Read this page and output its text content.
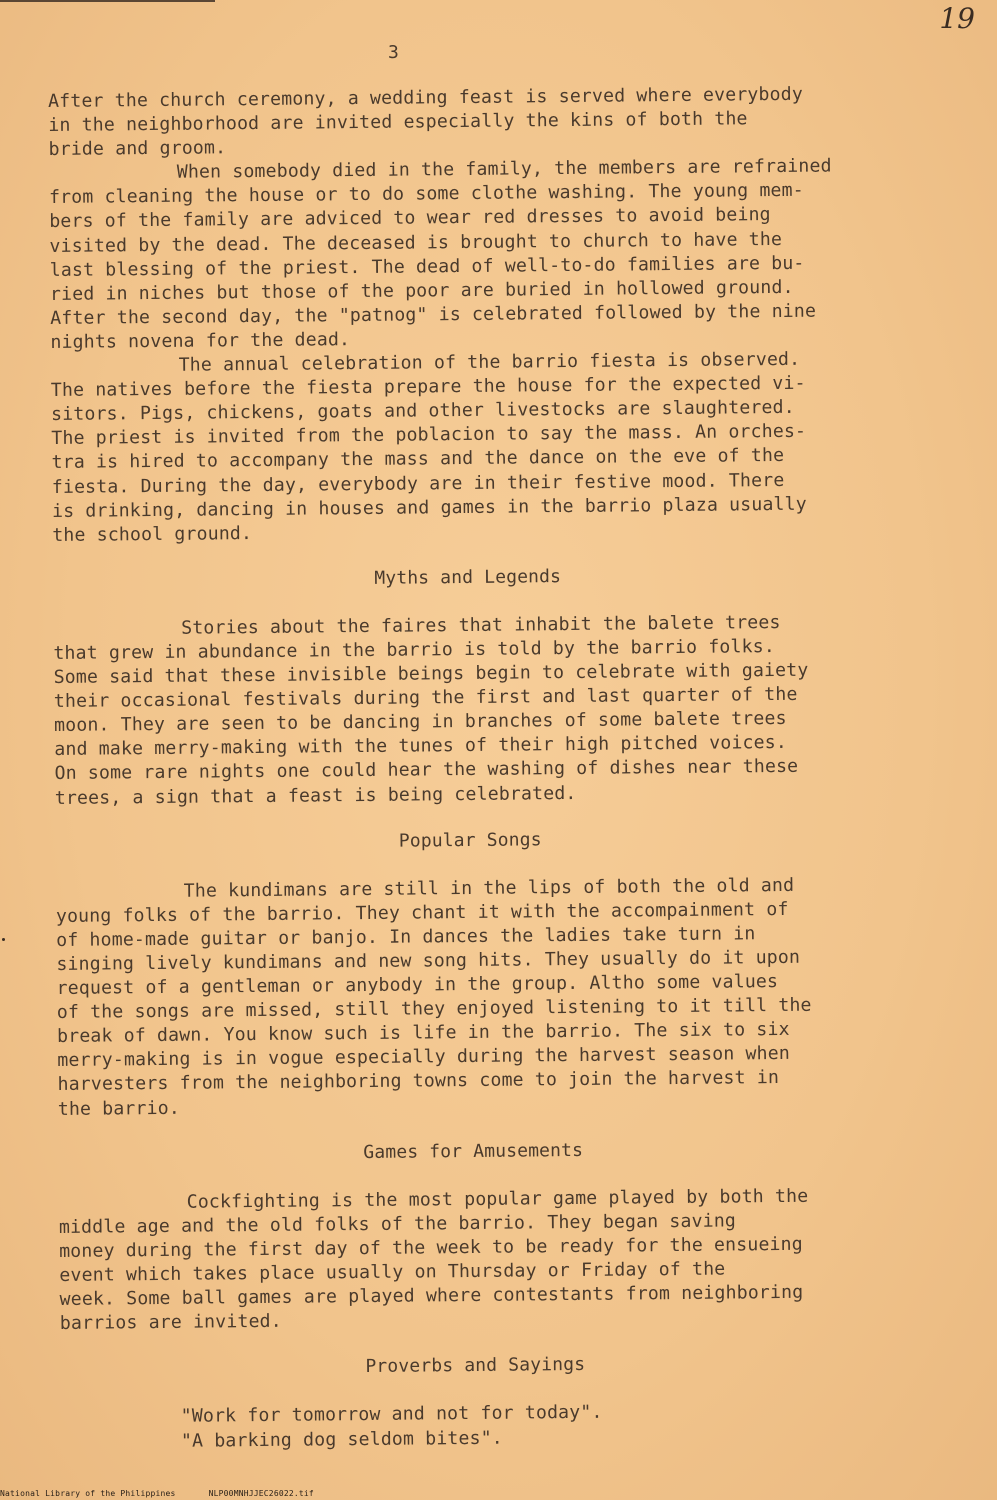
19
3

After the church ceremony, a wedding feast is served where everybody
in the neighborhood are invited especially the kins of both the
bride and groom.

When somebody died in the family, the members are refrained
from cleaning the house or to do some clothe washing. The young mem-
bers of the family are adviced to wear red dresses to avoid being
visited by the dead. The deceased is brought to church to have the
last blessing of the priest. The dead of well-to-do families are bu-
ried in niches but those of the poor are buried in hollowed ground.
After the second day, the "patnog" is celebrated followed by the nine
nights novena for the dead.

The annual celebration of the barrio fiesta is observed.
The natives before the fiesta prepare the house for the expected vi-
sitors. Pigs, chickens, goats and other livestocks are slaughtered.
The priest is invited from the poblacion to say the mass. An orches-
tra is hired to accompany the mass and the dance on the eve of the
fiesta. During the day, everybody are in their festive mood. There
is drinking, dancing in houses and games in the barrio plaza usually
the school ground.

Myths and Legends

Stories about the faires that inhabit the balete trees
that grew in abundance in the barrio is told by the barrio folks.
Some said that these invisible beings begin to celebrate with gaiety
their occasional festivals during the first and last quarter of the
moon. They are seen to be dancing in branches of some balete trees
and make merry-making with the tunes of their high pitched voices.
On some rare nights one could hear the washing of dishes near these
trees, a sign that a feast is being celebrated.

Popular Songs

The kundimans are still in the lips of both the old and
young folks of the barrio. They chant it with the accompainment of
of home-made guitar or banjo. In dances the ladies take turn in
singing lively kundimans and new song hits. They usually do it upon
request of a gentleman or anybody in the group. Altho some values
of the songs are missed, still they enjoyed listening to it till the
break of dawn. You know such is life in the barrio. The six to six
merry-making is in vogue especially during the harvest season when
harvesters from the neighboring towns come to join the harvest in
the barrio.

Games for Amusements

Cockfighting is the most popular game played by both the
middle age and the old folks of the barrio. They began saving
money during the first day of the week to be ready for the ensueing
event which takes place usually on Thursday or Friday of the
week. Some ball games are played where contestants from neighboring
barrios are invited.

Proverbs and Sayings

"Work for tomorrow and not for today".

"A barking dog seldom bites".

National Library of the Philippines	NLP00MNHJJEC26022.tif
